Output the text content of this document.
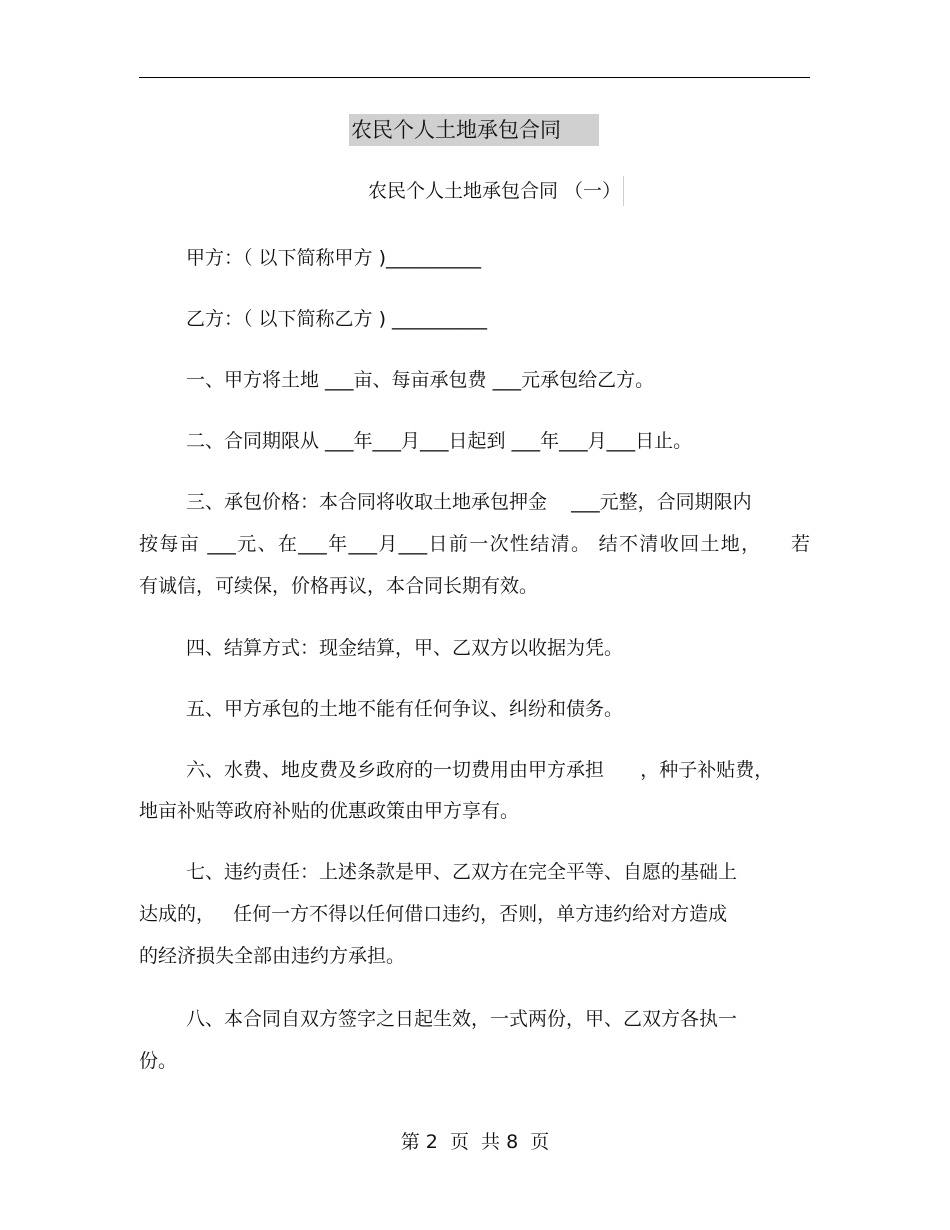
农民个人土地承包合同
农民个人土地承包合同 （一）
甲方：（ 以下简称甲方 )__________
乙方：（ 以下简称乙方 ) __________
一、甲方将土地 ___亩、每亩承包费 ___元承包给乙方。
二、合同期限从 ___年___月___日起到 ___年___月___日止。
三、承包价格：本合同将收取土地承包押金    ___元整，合同期限内
按每亩 ___元、在___年___月___日前一次性结清。 结不清收回土地，    若
有诚信，可续保，价格再议，本合同长期有效。
四、结算方式：现金结算，甲、乙双方以收据为凭。
五、甲方承包的土地不能有任何争议、纠纷和债务。
六、水费、地皮费及乡政府的一切费用由甲方承担      ，种子补贴费，
地亩补贴等政府补贴的优惠政策由甲方享有。
七、违约责任：上述条款是甲、乙双方在完全平等、自愿的基础上
达成的，   任何一方不得以任何借口违约，否则，单方违约给对方造成
的经济损失全部由违约方承担。
八、本合同自双方签字之日起生效，一式两份，甲、乙双方各执一
份。
第 2  页  共 8  页
